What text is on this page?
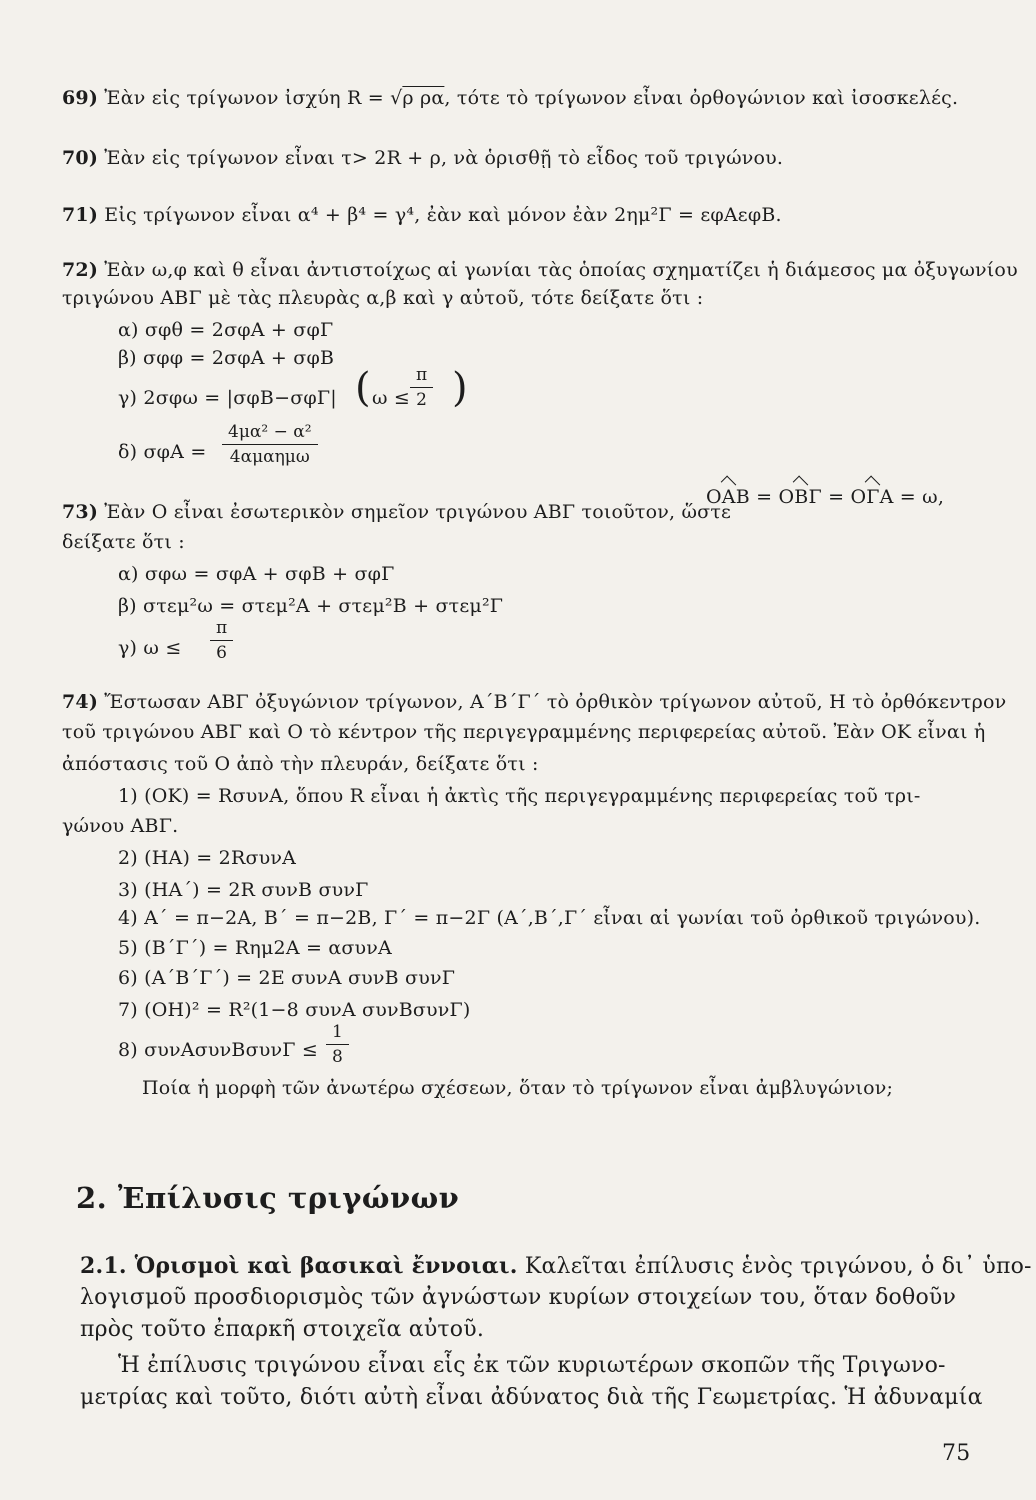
69) Ἐὰν εἰς τρίγωνον ἰσχύη R = √ρ ρα, τότε τὸ τρίγωνον εἶναι ὀρθογώνιον καὶ ἰσοσκελές.
70) Ἐὰν εἰς τρίγωνον εἶναι τ> 2R + ρ, νὰ ὁρισθῇ τὸ εἶδος τοῦ τριγώνου.
71) Εἰς τρίγωνον εἶναι α⁴ + β⁴ = γ⁴, ἐὰν καὶ μόνον ἐὰν 2ημ²Γ = εφΑεφΒ.
72) Ἐὰν ω,φ καὶ θ εἶναι ἀντιστοίχως αἱ γωνίαι τὰς ὁποίας σχηματίζει ἡ διάμεσος μα ὀξυγωνίου
τριγώνου ΑΒΓ μὲ τὰς πλευρὰς α,β καὶ γ αὐτοῦ, τότε δείξατε ὅτι :
α) σφθ = 2σφΑ + σφΓ
β) σφφ = 2σφΑ + σφΒ
γ) 2σφω = |σφΒ−σφΓ| ( ω ≤
π
2 )
δ) σφΑ =
4μα² − α²
4αμαημω
73) Ἐὰν Ο εἶναι ἐσωτερικὸν σημεῖον τριγώνου ΑΒΓ τοιοῦτον, ὥστε
ΟΑΒ = ΟΒΓ = ΟΓΑ = ω,
δείξατε ὅτι :
α) σφω = σφΑ + σφΒ + σφΓ
β) στεμ²ω = στεμ²Α + στεμ²Β + στεμ²Γ
γ) ω ≤
π
6
74) Ἔστωσαν ΑΒΓ ὀξυγώνιον τρίγωνον, Α΄Β΄Γ΄ τὸ ὀρθικὸν τρίγωνον αὐτοῦ, Η τὸ ὀρθόκεντρον
τοῦ τριγώνου ΑΒΓ καὶ Ο τὸ κέντρον τῆς περιγεγραμμένης περιφερείας αὐτοῦ. Ἐὰν ΟΚ εἶναι ἡ
ἀπόστασις τοῦ Ο ἀπὸ τὴν πλευράν, δείξατε ὅτι :
1) (ΟΚ) = RσυνΑ, ὅπου R εἶναι ἡ ἀκτὶς τῆς περιγεγραμμένης περιφερείας τοῦ τρι-
γώνου ΑΒΓ.
2) (ΗΑ) = 2RσυνΑ
3) (ΗΑ΄) = 2R συνΒ συνΓ
4) Α΄ = π−2Α, Β΄ = π−2Β, Γ΄ = π−2Γ (Α΄,Β΄,Γ΄ εἶναι αἱ γωνίαι τοῦ ὀρθικοῦ τριγώνου).
5) (Β΄Γ΄) = Rημ2Α = ασυνΑ
6) (Α΄Β΄Γ΄) = 2Ε συνΑ συνΒ συνΓ
7) (ΟΗ)² = R²(1−8 συνΑ συνΒσυνΓ)
8) συνΑσυνΒσυνΓ ≤
1
8
Ποία ἡ μορφὴ τῶν ἀνωτέρω σχέσεων, ὅταν τὸ τρίγωνον εἶναι ἀμβλυγώνιον;
2. Ἐπίλυσις τριγώνων
2.1. Ὁρισμοὶ καὶ βασικαὶ ἔννοιαι. Καλεῖται ἐπίλυσις ἑνὸς τριγώνου, ὁ δι᾽ ὑπο-
λογισμοῦ προσδιορισμὸς τῶν ἀγνώστων κυρίων στοιχείων του, ὅταν δοθοῦν
πρὸς τοῦτο ἐπαρκῆ στοιχεῖα αὐτοῦ.
Ἡ ἐπίλυσις τριγώνου εἶναι εἷς ἐκ τῶν κυριωτέρων σκοπῶν τῆς Τριγωνο-
μετρίας καὶ τοῦτο, διότι αὐτὴ εἶναι ἀδύνατος διὰ τῆς Γεωμετρίας. Ἡ ἀδυναμία
75
